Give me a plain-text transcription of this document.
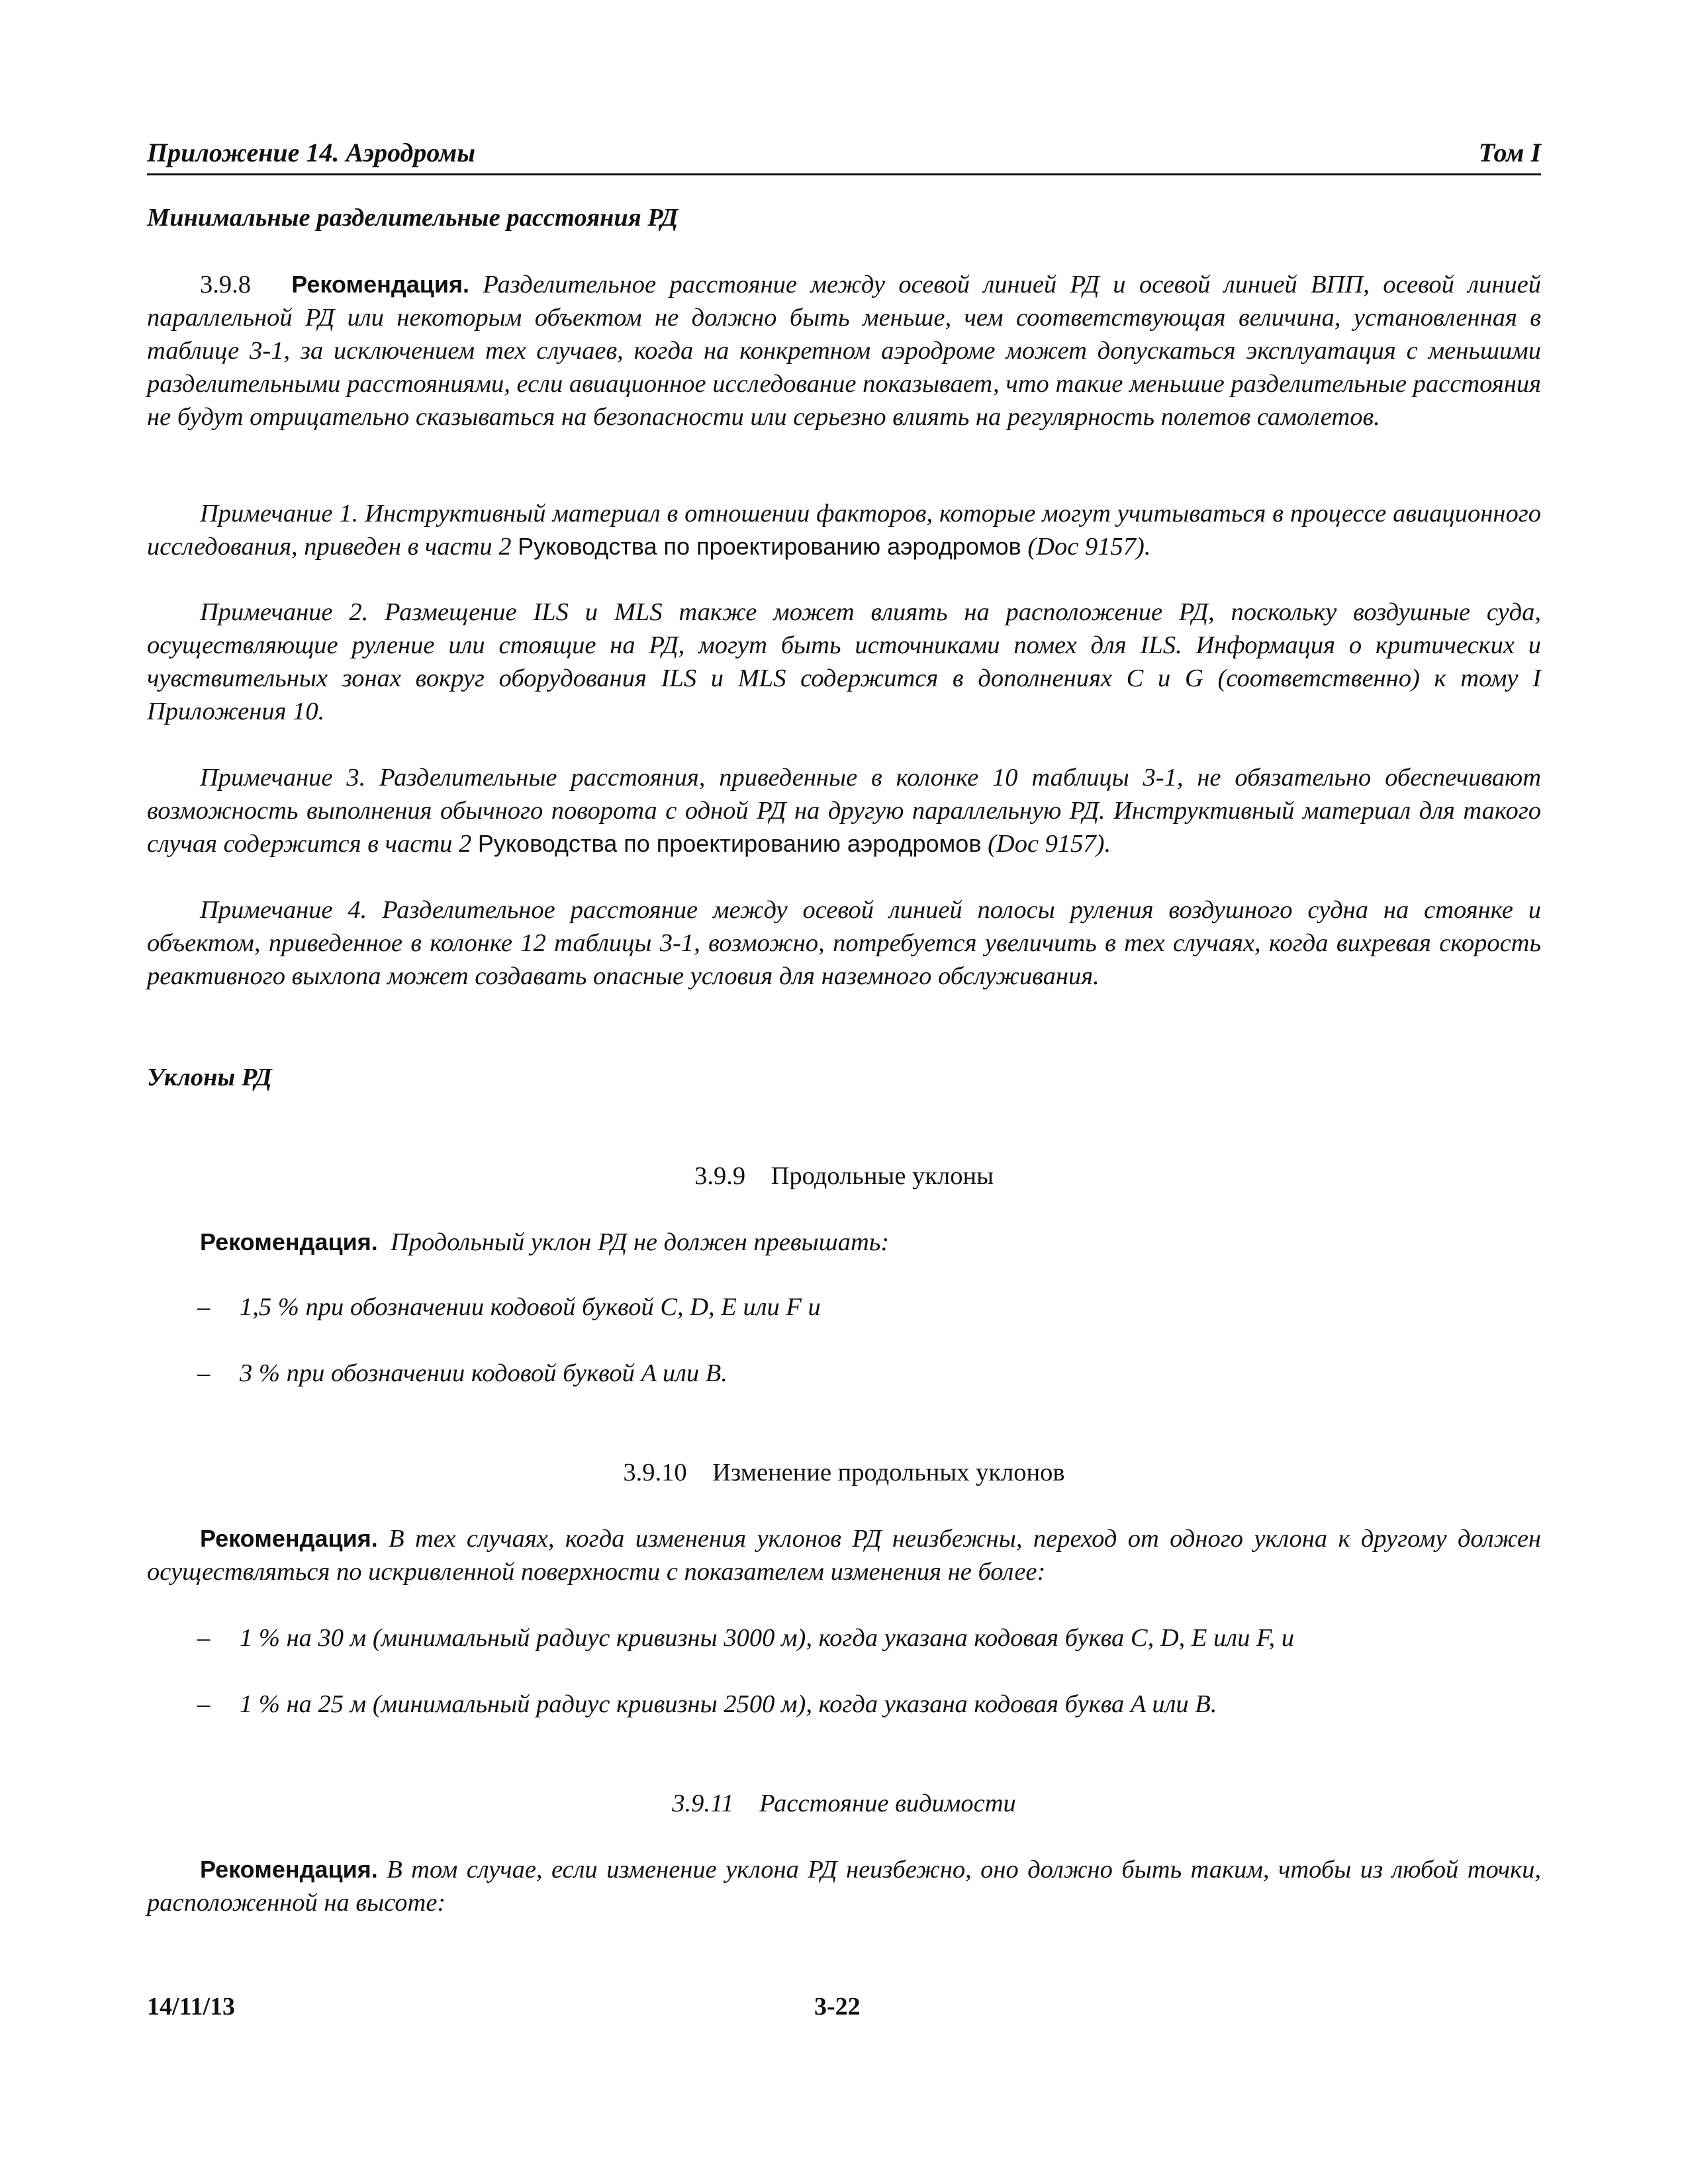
Приложение 14. Аэродромы	Том I
Минимальные разделительные расстояния РД
3.9.8 Рекомендация. Разделительное расстояние между осевой линией РД и осевой линией ВПП, осевой линией параллельной РД или некоторым объектом не должно быть меньше, чем соответствующая величина, установленная в таблице 3-1, за исключением тех случаев, когда на конкретном аэродроме может допускаться эксплуатация с меньшими разделительными расстояниями, если авиационное исследование показывает, что такие меньшие разделительные расстояния не будут отрицательно сказываться на безопасности или серьезно влиять на регулярность полетов самолетов.
Примечание 1. Инструктивный материал в отношении факторов, которые могут учитываться в процессе авиационного исследования, приведен в части 2 Руководства по проектированию аэродромов (Doc 9157).
Примечание 2. Размещение ILS и MLS также может влиять на расположение РД, поскольку воздушные суда, осуществляющие руление или стоящие на РД, могут быть источниками помех для ILS. Информация о критических и чувствительных зонах вокруг оборудования ILS и MLS содержится в дополнениях C и G (соответственно) к тому I Приложения 10.
Примечание 3. Разделительные расстояния, приведенные в колонке 10 таблицы 3-1, не обязательно обеспечивают возможность выполнения обычного поворота с одной РД на другую параллельную РД. Инструктивный материал для такого случая содержится в части 2 Руководства по проектированию аэродромов (Doc 9157).
Примечание 4. Разделительное расстояние между осевой линией полосы руления воздушного судна на стоянке и объектом, приведенное в колонке 12 таблицы 3-1, возможно, потребуется увеличить в тех случаях, когда вихревая скорость реактивного выхлопа может создавать опасные условия для наземного обслуживания.
Уклоны РД
3.9.9 Продольные уклоны
Рекомендация. Продольный уклон РД не должен превышать:
– 1,5 % при обозначении кодовой буквой C, D, E или F и
– 3 % при обозначении кодовой буквой A или B.
3.9.10 Изменение продольных уклонов
Рекомендация. В тех случаях, когда изменения уклонов РД неизбежны, переход от одного уклона к другому должен осуществляться по искривленной поверхности с показателем изменения не более:
– 1 % на 30 м (минимальный радиус кривизны 3000 м), когда указана кодовая буква C, D, E или F, и
– 1 % на 25 м (минимальный радиус кривизны 2500 м), когда указана кодовая буква A или B.
3.9.11 Расстояние видимости
Рекомендация. В том случае, если изменение уклона РД неизбежно, оно должно быть таким, чтобы из любой точки, расположенной на высоте:
14/11/13	3-22
